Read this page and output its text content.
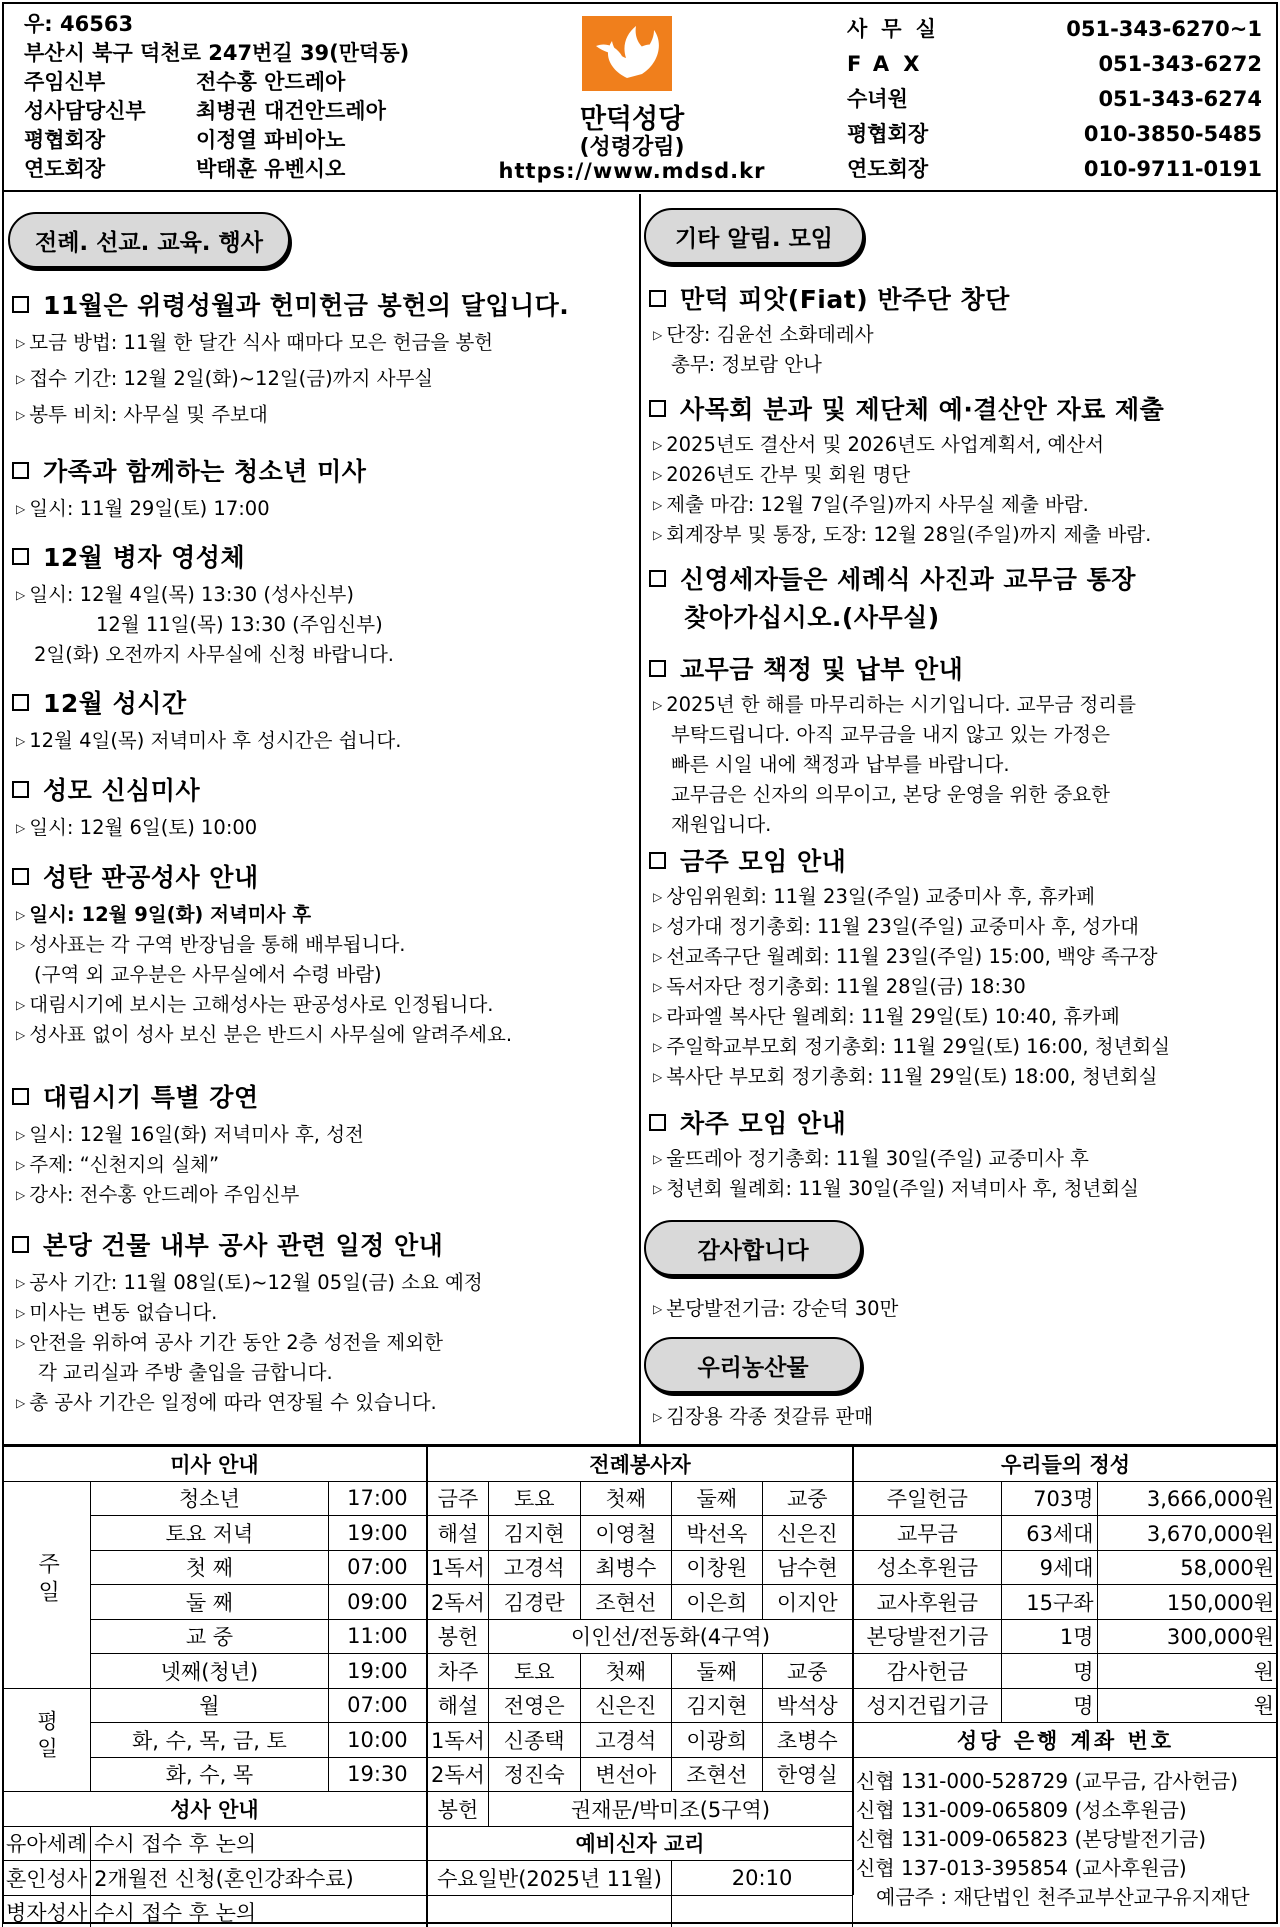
우: 46563
부산시 북구 덕천로 247번길 39(만덕동)
주임신부	전수홍 안드레아
성사담당신부	최병권 대건안드레아
평협회장	이정열 파비아노
연도회장	박태훈 유벤시오
만덕성당
(성령강림)
https://www.mdsd.kr
사무실	051-343-6270~1
FAX	051-343-6272
수녀원	051-343-6274
평협회장	010-3850-5485
연도회장	010-9711-0191
전례. 선교. 교육. 행사
11월은 위령성월과 헌미헌금 봉헌의 달입니다.
▷ 모금 방법: 11월 한 달간 식사 때마다 모은 헌금을 봉헌
▷ 접수 기간: 12월 2일(화)~12일(금)까지 사무실
▷ 봉투 비치: 사무실 및 주보대
가족과 함께하는 청소년 미사
▷ 일시: 11월 29일(토) 17:00
12월 병자 영성체
▷ 일시: 12월 4일(목) 13:30 (성사신부)
12월 11일(목) 13:30 (주임신부)
2일(화) 오전까지 사무실에 신청 바랍니다.
12월 성시간
▷ 12월 4일(목) 저녁미사 후 성시간은 쉽니다.
성모 신심미사
▷ 일시: 12월 6일(토) 10:00
성탄 판공성사 안내
▷ 일시: 12월 9일(화) 저녁미사 후
▷ 성사표는 각 구역 반장님을 통해 배부됩니다.
(구역 외 교우분은 사무실에서 수령 바람)
▷ 대림시기에 보시는 고해성사는 판공성사로 인정됩니다.
▷ 성사표 없이 성사 보신 분은 반드시 사무실에 알려주세요.
대림시기 특별 강연
▷ 일시: 12월 16일(화) 저녁미사 후, 성전
▷ 주제: “신천지의 실체”
▷ 강사: 전수홍 안드레아 주임신부
본당 건물 내부 공사 관련 일정 안내
▷ 공사 기간: 11월 08일(토)~12월 05일(금) 소요 예정
▷ 미사는 변동 없습니다.
▷ 안전을 위하여 공사 기간 동안 2층 성전을 제외한
각 교리실과 주방 출입을 금합니다.
▷ 총 공사 기간은 일정에 따라 연장될 수 있습니다.
기타 알림. 모임
만덕 피앗(Fiat) 반주단 창단
▷ 단장: 김윤선 소화데레사
총무: 정보람 안나
사목회 분과 및 제단체 예·결산안 자료 제출
▷ 2025년도 결산서 및 2026년도 사업계획서, 예산서
▷ 2026년도 간부 및 회원 명단
▷ 제출 마감: 12월 7일(주일)까지 사무실 제출 바람.
▷ 회계장부 및 통장, 도장: 12월 28일(주일)까지 제출 바람.
신영세자들은 세례식 사진과 교무금 통장
찾아가십시오.(사무실)
교무금 책정 및 납부 안내
▷ 2025년 한 해를 마무리하는 시기입니다. 교무금 정리를
부탁드립니다. 아직 교무금을 내지 않고 있는 가정은
빠른 시일 내에 책정과 납부를 바랍니다.
교무금은 신자의 의무이고, 본당 운영을 위한 중요한
재원입니다.
금주 모임 안내
▷ 상임위원회: 11월 23일(주일) 교중미사 후, 휴카페
▷ 성가대 정기총회: 11월 23일(주일) 교중미사 후, 성가대
▷ 선교족구단 월례회: 11월 23일(주일) 15:00, 백양 족구장
▷ 독서자단 정기총회: 11월 28일(금) 18:30
▷ 라파엘 복사단 월례회: 11월 29일(토) 10:40, 휴카페
▷ 주일학교부모회 정기총회: 11월 29일(토) 16:00, 청년회실
▷ 복사단 부모회 정기총회: 11월 29일(토) 18:00, 청년회실
차주 모임 안내
▷ 울뜨레아 정기총회: 11월 30일(주일) 교중미사 후
▷ 청년회 월례회: 11월 30일(주일) 저녁미사 후, 청년회실
감사합니다
▷ 본당발전기금: 강순덕 30만
우리농산물
▷ 김장용 각종 젓갈류 판매
미사 안내		
주일	청소년	17:00
	토요 저녁	19:00
	첫 째	07:00
	둘 째	09:00
	교 중	11:00
	넷째(청년)	19:00
평일	월	07:00
	화, 수, 목, 금, 토	10:00
	화, 수, 목	19:30
성사 안내		
유아세례	수시 접수 후 논의	
혼인성사	2개월전 신청(혼인강좌수료)	
병자성사	수시 접수 후 논의	
전례봉사자				
금주	토요	첫째	둘째	교중
해설	김지현	이영철	박선옥	신은진
1독서	고경석	최병수	이창원	남수현
2독서	김경란	조현선	이은희	이지안
봉헌	이인선/전동화(4구역)			
차주	토요	첫째	둘째	교중
해설	전영은	신은진	김지현	박석상
1독서	신종택	고경석	이광희	초병수
2독서	정진숙	변선아	조현선	한영실
봉헌	권재문/박미조(5구역)			
예비신자 교리				
수요일반(2025년 11월)			20:10	

우리들의 정성		
주일헌금	703명	3,666,000원
교무금	63세대	3,670,000원
성소후원금	9세대	58,000원
교사후원금	15구좌	150,000원
본당발전기금	1명	300,000원
감사헌금	명	원
성지건립기금	명	원
성당 은행 계좌 번호		

신협 131-000-528729 (교무금, 감사헌금)
신협 131-009-065809 (성소후원금)
신협 131-009-065823 (본당발전기금)
신협 137-013-395854 (교사후원금)
예금주 : 재단법인 천주교부산교구유지재단
